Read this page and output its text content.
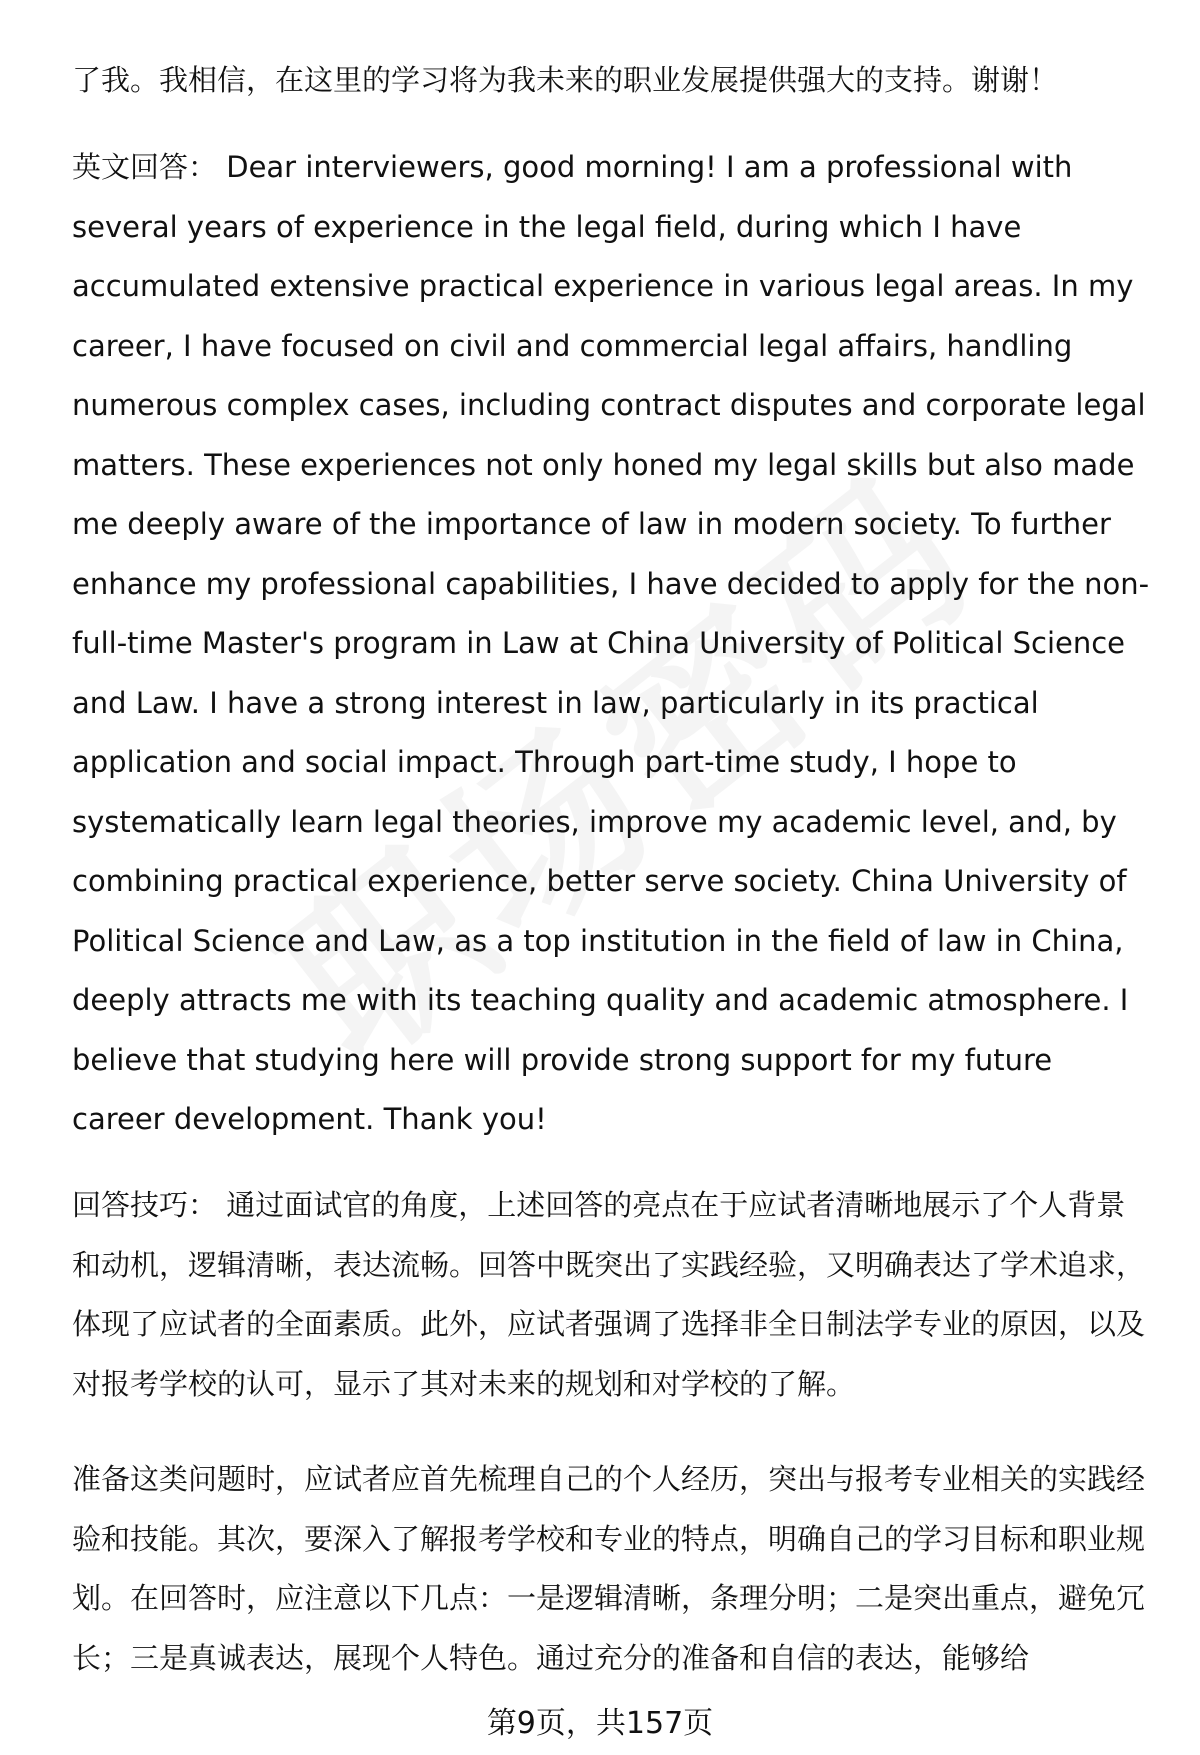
了我。我相信，在这里的学习将为我未来的职业发展提供强大的支持。谢谢！

英文回答： Dear interviewers, good morning! I am a professional with several years of experience in the legal field, during which I have accumulated extensive practical experience in various legal areas. In my career, I have focused on civil and commercial legal affairs, handling numerous complex cases, including contract disputes and corporate legal matters. These experiences not only honed my legal skills but also made me deeply aware of the importance of law in modern society. To further enhance my professional capabilities, I have decided to apply for the non-full-time Master's program in Law at China University of Political Science and Law. I have a strong interest in law, particularly in its practical application and social impact. Through part-time study, I hope to systematically learn legal theories, improve my academic level, and, by combining practical experience, better serve society. China University of Political Science and Law, as a top institution in the field of law in China, deeply attracts me with its teaching quality and academic atmosphere. I believe that studying here will provide strong support for my future career development. Thank you!

回答技巧： 通过面试官的角度，上述回答的亮点在于应试者清晰地展示了个人背景和动机，逻辑清晰，表达流畅。回答中既突出了实践经验，又明确表达了学术追求，体现了应试者的全面素质。此外，应试者强调了选择非全日制法学专业的原因，以及对报考学校的认可，显示了其对未来的规划和对学校的了解。

准备这类问题时，应试者应首先梳理自己的个人经历，突出与报考专业相关的实践经验和技能。其次，要深入了解报考学校和专业的特点，明确自己的学习目标和职业规划。在回答时，应注意以下几点：一是逻辑清晰，条理分明；二是突出重点，避免冗长；三是真诚表达，展现个人特色。通过充分的准备和自信的表达，能够给

第9页，共157页
